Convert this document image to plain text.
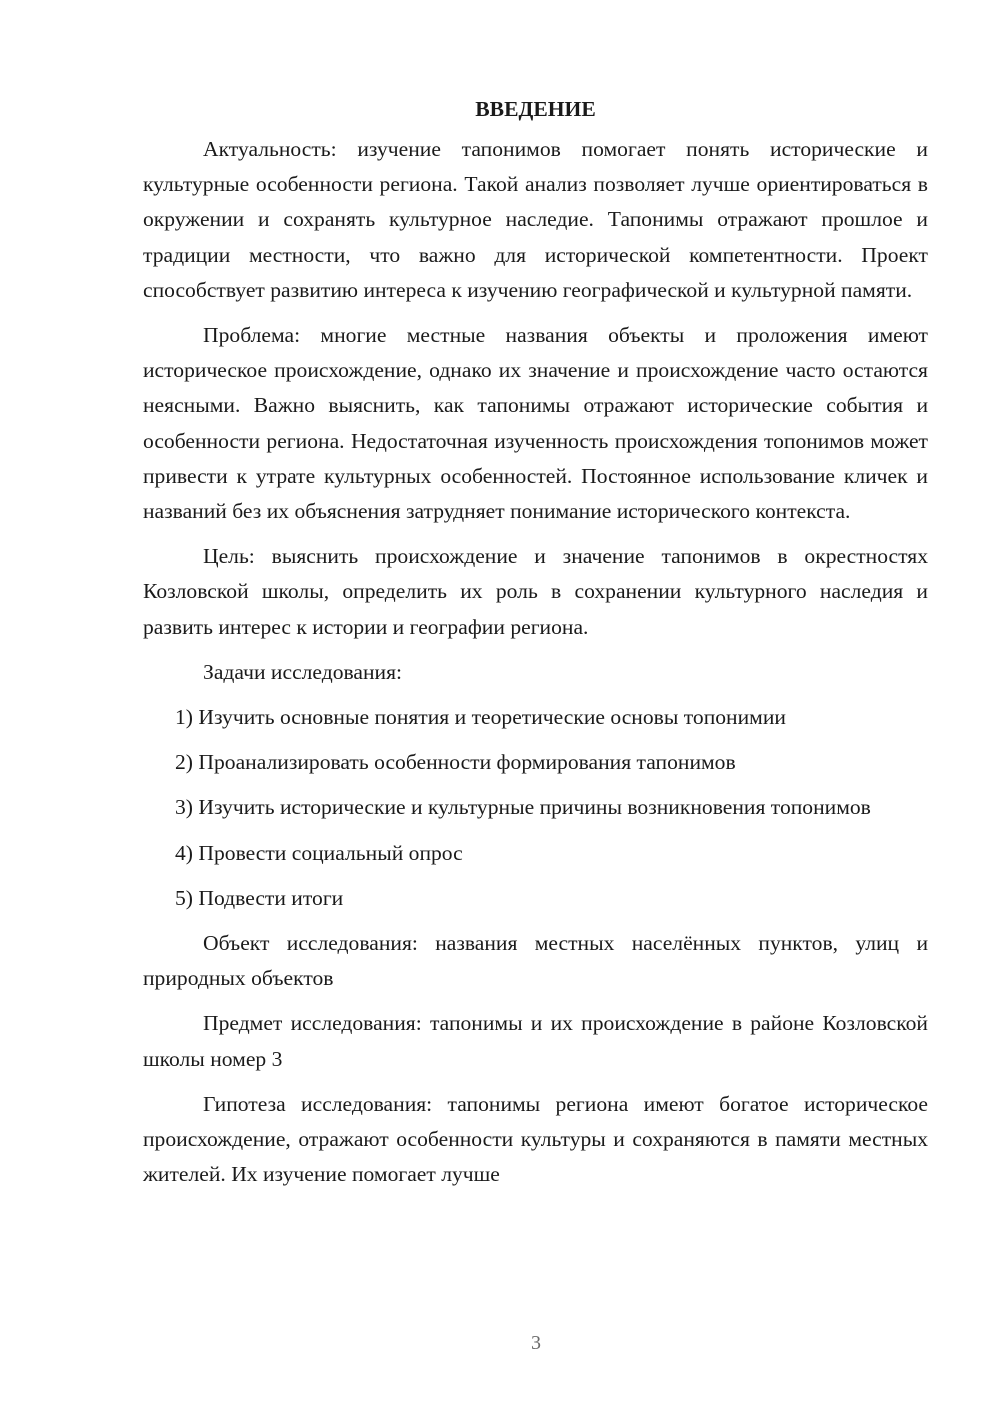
ВВЕДЕНИЕ

Актуальность: изучение тапонимов помогает понять исторические и культурные особенности региона. Такой анализ позволяет лучше ориентироваться в окружении и сохранять культурное наследие. Тапонимы отражают прошлое и традиции местности, что важно для исторической компетентности. Проект способствует развитию интереса к изучению географической и культурной памяти.

Проблема: многие местные названия объекты и проложения имеют историческое происхождение, однако их значение и происхождение часто остаются неясными. Важно выяснить, как тапонимы отражают исторические события и особенности региона. Недостаточная изученность происхождения топонимов может привести к утрате культурных особенностей. Постоянное использование кличек и названий без их объяснения затрудняет понимание исторического контекста.

Цель: выяснить происхождение и значение тапонимов в окрестностях Козловской школы, определить их роль в сохранении культурного наследия и развить интерес к истории и географии региона.

Задачи исследования:

1) Изучить основные понятия и теоретические основы топонимии

2) Проанализировать особенности формирования тапонимов

3) Изучить исторические и культурные причины возникновения топонимов

4) Провести социальный опрос

5) Подвести итоги

Объект исследования: названия местных населённых пунктов, улиц и природных объектов

Предмет исследования: тапонимы и их происхождение в районе Козловской школы номер 3

Гипотеза исследования: тапонимы региона имеют богатое историческое происхождение, отражают особенности культуры и сохраняются в памяти местных жителей. Их изучение помогает лучше

3
